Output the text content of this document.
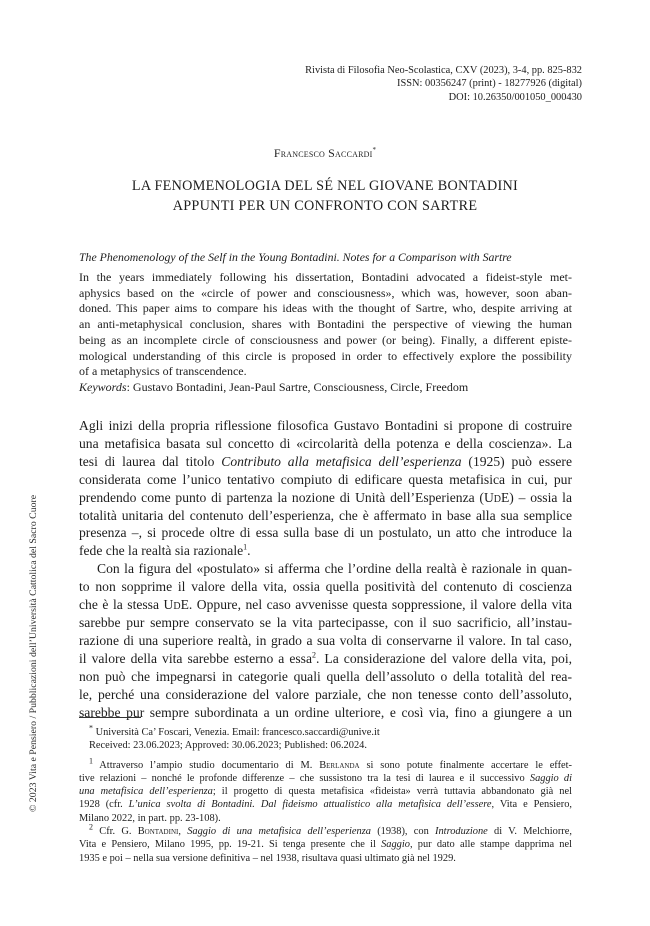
Rivista di Filosofia Neo-Scolastica, CXV (2023), 3-4, pp. 825-832
ISSN: 00356247 (print) - 18277926 (digital)
DOI: 10.26350/001050_000430
Francesco Saccardi*
LA FENOMENOLOGIA DEL SÉ NEL GIOVANE BONTADINI
APPUNTI PER UN CONFRONTO CON SARTRE
The Phenomenology of the Self in the Young Bontadini. Notes for a Comparison with Sartre
In the years immediately following his dissertation, Bontadini advocated a fideist-style met-
aphysics based on the «circle of power and consciousness», which was, however, soon aban-
doned. This paper aims to compare his ideas with the thought of Sartre, who, despite arriving at
an anti-metaphysical conclusion, shares with Bontadini the perspective of viewing the human
being as an incomplete circle of consciousness and power (or being). Finally, a different episte-
mological understanding of this circle is proposed in order to effectively explore the possibility
of a metaphysics of transcendence.
Keywords: Gustavo Bontadini, Jean-Paul Sartre, Consciousness, Circle, Freedom
Agli inizi della propria riflessione filosofica Gustavo Bontadini si propone di costruire
una metafisica basata sul concetto di «circolarità della potenza e della coscienza». La
tesi di laurea dal titolo Contributo alla metafisica dell’esperienza (1925) può essere
considerata come l’unico tentativo compiuto di edificare questa metafisica in cui, pur
prendendo come punto di partenza la nozione di Unità dell’Esperienza (UdE) – ossia la
totalità unitaria del contenuto dell’esperienza, che è affermato in base alla sua semplice
presenza –, si procede oltre di essa sulla base di un postulato, un atto che introduce la
fede che la realtà sia razionale$^1$.
Con la figura del «postulato» si afferma che l’ordine della realtà è razionale in quan-
to non sopprime il valore della vita, ossia quella positività del contenuto di coscienza
che è la stessa UdE. Oppure, nel caso avvenisse questa soppressione, il valore della vita
sarebbe pur sempre conservato se la vita partecipasse, con il suo sacrificio, all’instau-
razione di una superiore realtà, in grado a sua volta di conservarne il valore. In tal caso,
il valore della vita sarebbe esterno a essa$^2$. La considerazione del valore della vita, poi,
non può che impegnarsi in categorie quali quella dell’assoluto o della totalità del rea-
le, perché una considerazione del valore parziale, che non tenesse conto dell’assoluto,
sarebbe pur sempre subordinata a un ordine ulteriore, e così via, fino a giungere a un
* Università Ca’ Foscari, Venezia. Email: francesco.saccardi@unive.it
Received: 23.06.2023; Approved: 30.06.2023; Published: 06.2024.
$^1$ Attraverso l’ampio studio documentario di M. Berlanda si sono potute finalmente accertare le effet-
tive relazioni – nonché le profonde differenze – che sussistono tra la tesi di laurea e il successivo Saggio di
una metafisica dell’esperienza; il progetto di questa metafisica «fideista» verrà tuttavia abbandonato già nel
1928 (cfr. L’unica svolta di Bontadini. Dal fideismo attualistico alla metafisica dell’essere, Vita e Pensiero,
Milano 2022, in part. pp. 23-108).
$^2$ Cfr. G. Bontadini, Saggio di una metafisica dell’esperienza (1938), con Introduzione di V. Melchiorre,
Vita e Pensiero, Milano 1995, pp. 19-21. Si tenga presente che il Saggio, pur dato alle stampe dapprima nel
1935 e poi – nella sua versione definitiva – nel 1938, risultava quasi ultimato già nel 1929.
© 2023 Vita e Pensiero / Pubblicazioni dell’Università Cattolica del Sacro Cuore
